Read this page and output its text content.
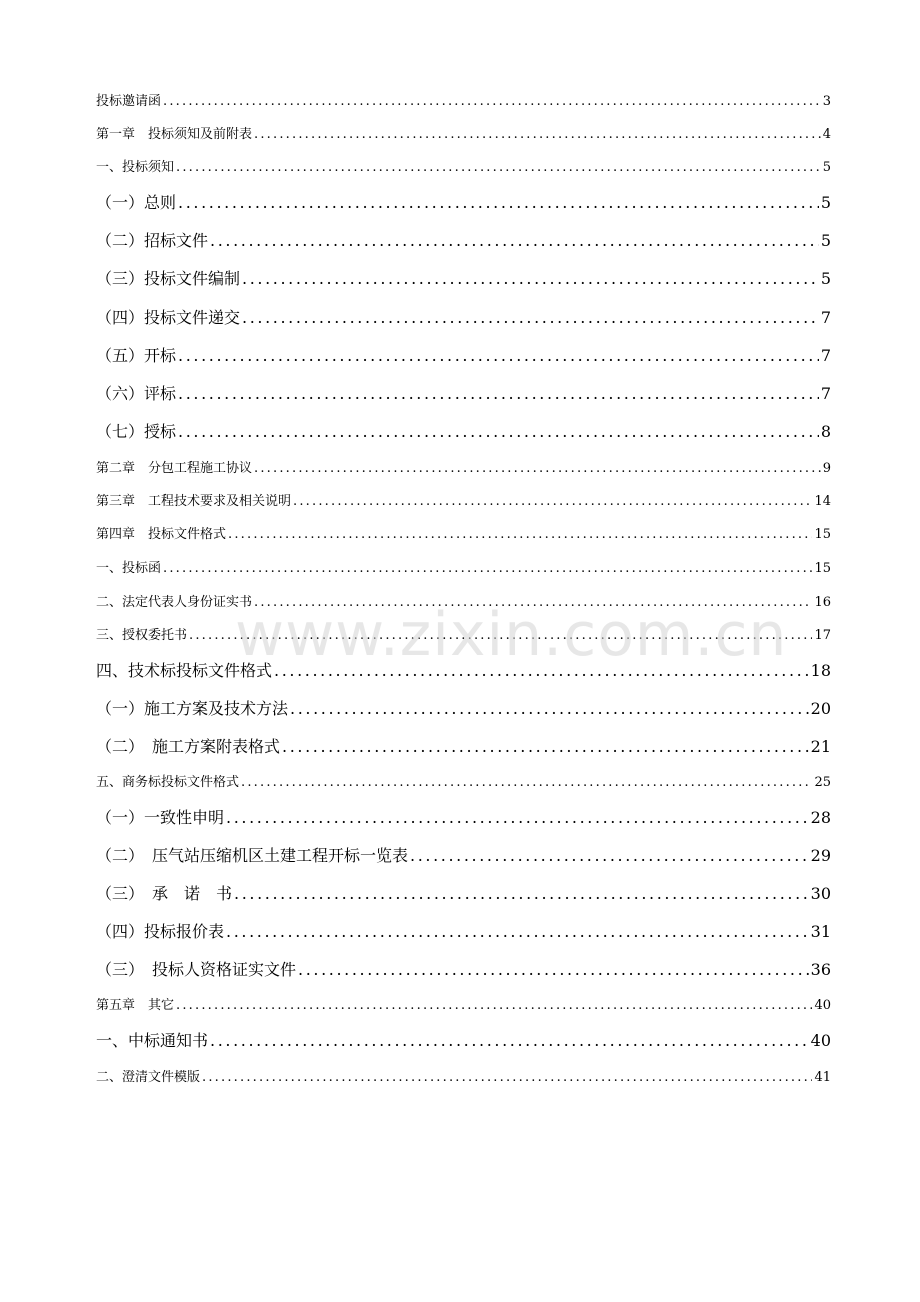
投标邀请函 .....	3
第一章　投标须知及前附表 .....	4
一、投标须知 .....	5
（一）总则 .....	5
（二）招标文件 .....	5
（三）投标文件编制 .....	5
（四）投标文件递交 .....	7
（五）开标 .....	7
（六）评标 .....	7
（七）授标 .....	8
第二章　分包工程施工协议 .....	9
第三章　工程技术要求及相关说明 .....	14
第四章　投标文件格式 .....	15
一、投标函 .....	15
二、法定代表人身份证实书 .....	16
三、授权委托书 .....	17
四、技术标投标文件格式 .....	18
（一）施工方案及技术方法 .....	20
（二）　施工方案附表格式 .....	21
五、商务标投标文件格式 .....	25
（一）一致性申明 .....	28
（二）　压气站压缩机区土建工程开标一览表 .....	29
（三）　承　诺　书 .....	30
（四）投标报价表 .....	31
（三）　投标人资格证实文件 .....	36
第五章　其它 .....	40
一、中标通知书 .....	40
二、澄清文件模版 .....	41
www.zixin.com.cn
